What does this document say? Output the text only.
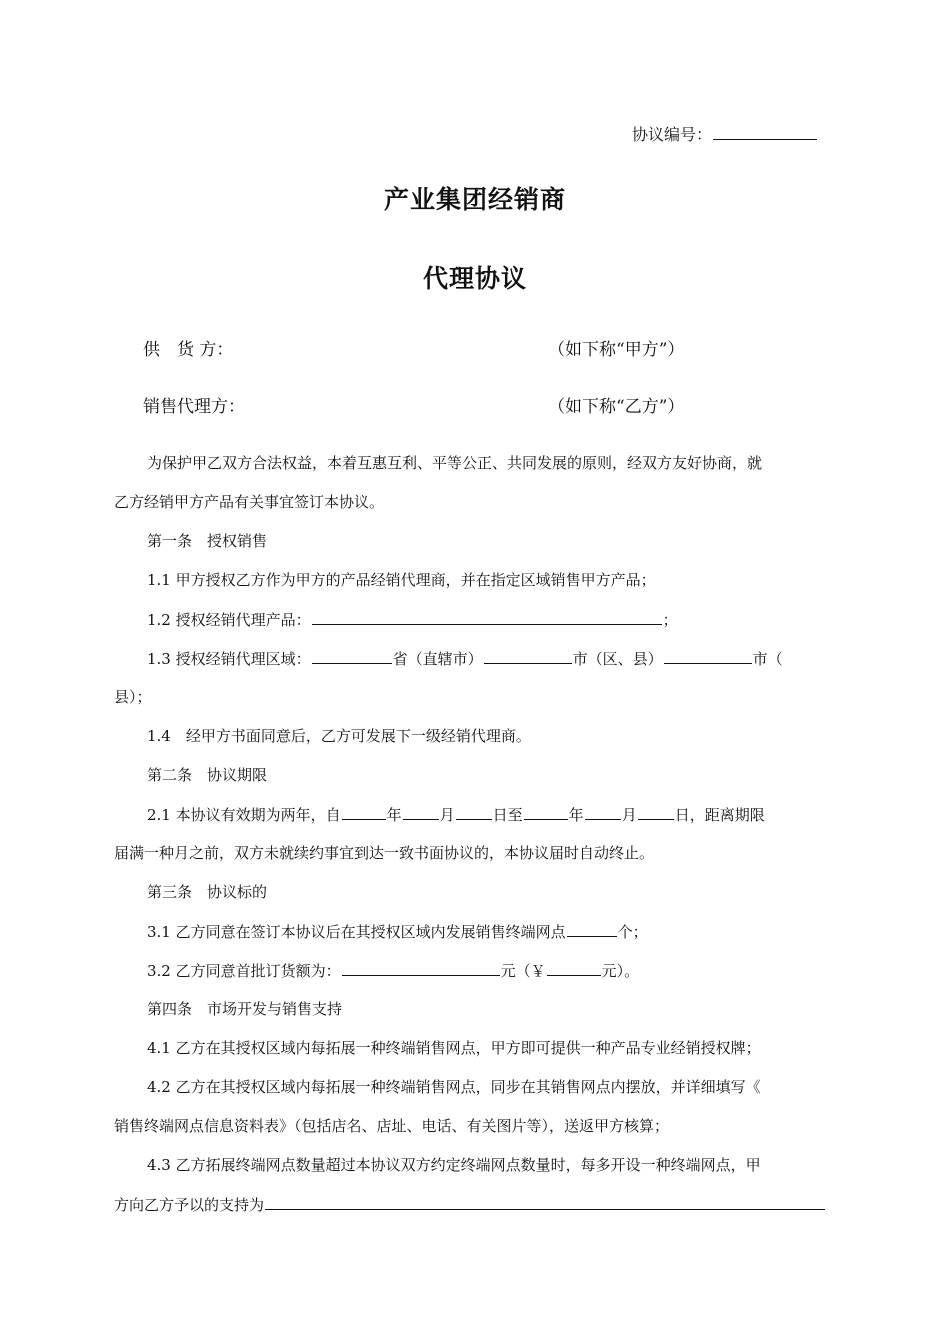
协议编号：
产业集团经销商
代理协议
供　货 方：	（如下称“甲方”）
销售代理方：	（如下称“乙方”）
为保护甲乙双方合法权益，本着互惠互利、平等公正、共同发展的原则，经双方友好协商，就
乙方经销甲方产品有关事宜签订本协议。
第一条　授权销售
1.1 甲方授权乙方作为甲方的产品经销代理商，并在指定区域销售甲方产品；
1.2 授权经销代理产品：	；
1.3 授权经销代理区域：	省（直辖市）	市（区、县）	市（
县）；
1.4　经甲方书面同意后，乙方可发展下一级经销代理商。
第二条　协议期限
2.1 本协议有效期为两年，自	年	月	日至	年	月	日，距离期限
届满一种月之前，双方未就续约事宜到达一致书面协议的，本协议届时自动终止。
第三条　协议标的
3.1 乙方同意在签订本协议后在其授权区域内发展销售终端网点	个；
3.2 乙方同意首批订货额为：	元（￥	元）。
第四条　市场开发与销售支持
4.1 乙方在其授权区域内每拓展一种终端销售网点，甲方即可提供一种产品专业经销授权牌；
4.2 乙方在其授权区域内每拓展一种终端销售网点，同步在其销售网点内摆放，并详细填写《
销售终端网点信息资料表》（包括店名、店址、电话、有关图片等），送返甲方核算；
4.3 乙方拓展终端网点数量超过本协议双方约定终端网点数量时，每多开设一种终端网点，甲
方向乙方予以的支持为
